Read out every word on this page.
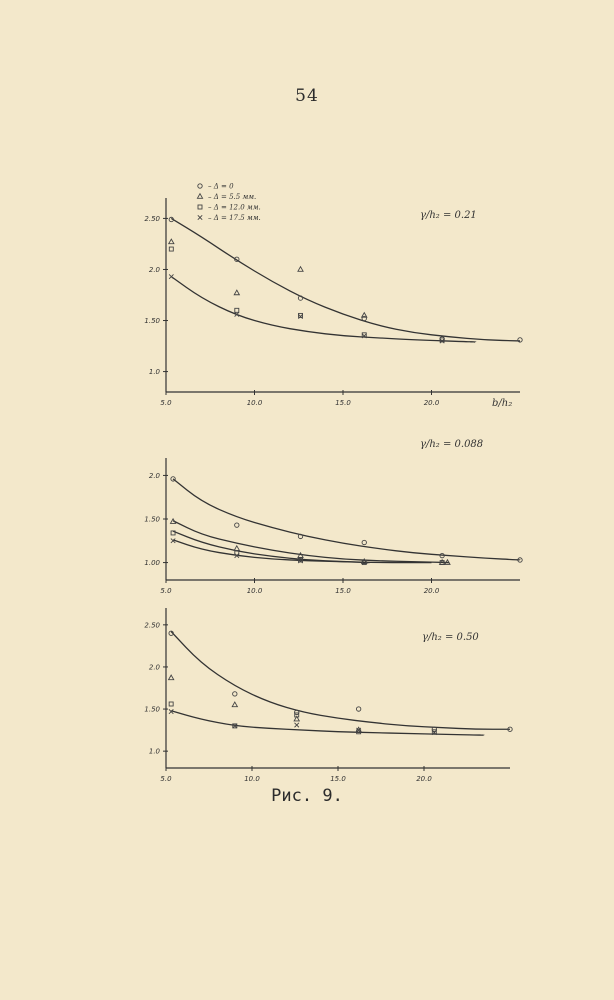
54
– Δ = 0
– Δ = 5.5 мм.
– Δ = 12.0 мм.
– Δ = 17.5 мм.
1.0
1.50
2.0
2.50
5.0	10.0	15.0	20.0
γ/h₂ = 0.21
b/h₂
1.00
1.50
2.0
5.0	10.0	15.0	20.0
γ/h₂ = 0.088
1.0
1.50
2.0
2.50
5.0	10.0	15.0	20.0
γ/h₂ = 0.50
Рис. 9.
